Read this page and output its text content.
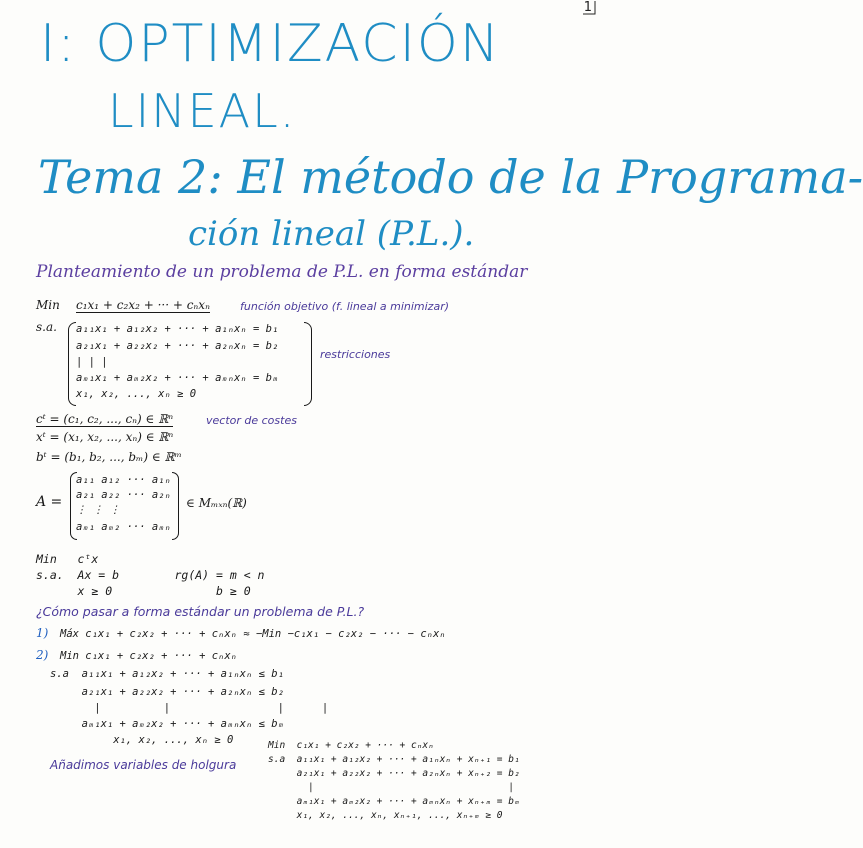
1
I: OPTIMIZACIÓN
LINEAL.
Tema 2: El método de la Programa-
ción lineal (P.L.).
Planteamiento de un problema de P.L. en forma estándar
Min c₁x₁ + c₂x₂ + ··· + cₙxₙ	función objetivo (f. lineal a minimizar)
s.a. a₁₁x₁ + a₁₂x₂ + ··· + a₁ₙxₙ = b₁
a₂₁x₁ + a₂₂x₂ + ··· + a₂ₙxₙ = b₂
| | |
aₘ₁x₁ + aₘ₂x₂ + ··· + aₘₙxₙ = bₘ
x₁, x₂, ..., xₙ ≥ 0
restricciones
cᵗ = (c₁, c₂, ..., cₙ) ∈ ℝⁿ	vector de costes
xᵗ = (x₁, x₂, ..., xₙ) ∈ ℝⁿ
bᵗ = (b₁, b₂, ..., bₘ) ∈ ℝᵐ
A =
a₁₁ a₁₂ ··· a₁ₙ
a₂₁ a₂₂ ··· a₂ₙ
⋮ ⋮ ⋮
aₘ₁ aₘ₂ ··· aₘₙ
∈ Mₘₓₙ(ℝ)
Min   cᵗx
s.a.  Ax = b        rg(A) = m < n
x ≥ 0               b ≥ 0
¿Cómo pasar a forma estándar un problema de P.L.?
1) Máx c₁x₁ + c₂x₂ + ··· + cₙxₙ ≈ −Min −c₁x₁ − c₂x₂ − ··· − cₙxₙ
2) Min c₁x₁ + c₂x₂ + ··· + cₙxₙ
s.a  a₁₁x₁ + a₁₂x₂ + ··· + a₁ₙxₙ ≤ b₁
a₂₁x₁ + a₂₂x₂ + ··· + a₂ₙxₙ ≤ b₂
|          |                 |      |
aₘ₁x₁ + aₘ₂x₂ + ··· + aₘₙxₙ ≤ bₘ
x₁, x₂, ..., xₙ ≥ 0
Añadimos variables de holgura
Min  c₁x₁ + c₂x₂ + ··· + cₙxₙ
s.a  a₁₁x₁ + a₁₂x₂ + ··· + a₁ₙxₙ + xₙ₊₁ = b₁
a₂₁x₁ + a₂₂x₂ + ··· + a₂ₙxₙ + xₙ₊₂ = b₂
|                                  |
aₘ₁x₁ + aₘ₂x₂ + ··· + aₘₙxₙ + xₙ₊ₘ = bₘ
x₁, x₂, ..., xₙ, xₙ₊₁, ..., xₙ₊ₘ ≥ 0
